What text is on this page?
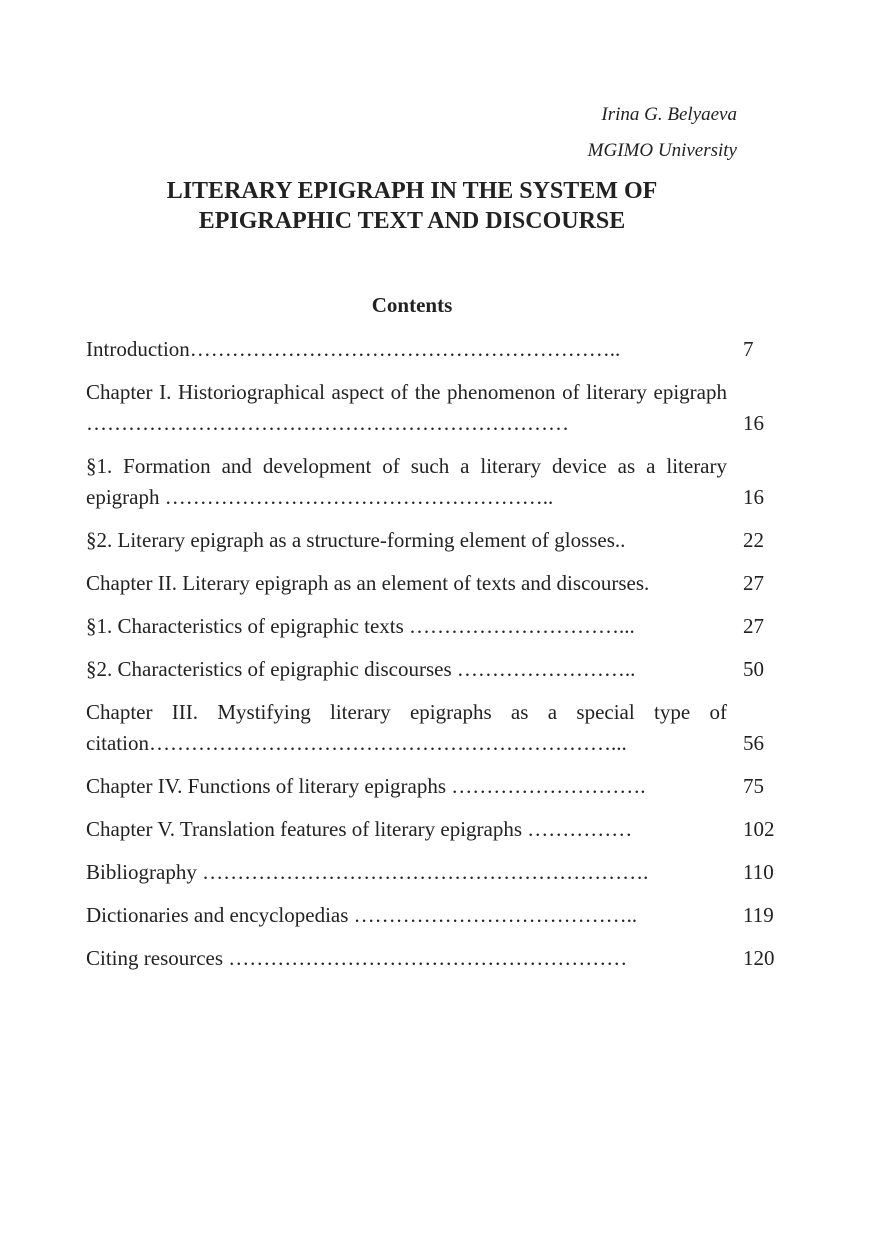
Irina G. Belyaeva
MGIMO University
LITERARY EPIGRAPH IN THE SYSTEM OF
EPIGRAPHIC TEXT AND DISCOURSE
Contents
Introduction……………………………………………………..	7
Chapter I. Historiographical aspect of the phenomenon of literary epigraph ……………………………………………………………	16
§1. Formation and development of such a literary device as a literary epigraph ………………………………………………..	16
§2. Literary epigraph as a structure-forming element of glosses..	22
Chapter II. Literary epigraph as an element of texts and discourses.	27
§1. Characteristics of epigraphic texts …………………………...	27
§2. Characteristics of epigraphic discourses ……………………..	50
Chapter III. Mystifying literary epigraphs as a special type of citation…………………………………………………………...	56
Chapter IV. Functions of literary epigraphs ……………………….	75
Chapter V. Translation features of literary epigraphs ……………	102
Bibliography ……………………………………………………….	110
Dictionaries and encyclopedias …………………………………..	119
Citing resources …………………………………………………	120
